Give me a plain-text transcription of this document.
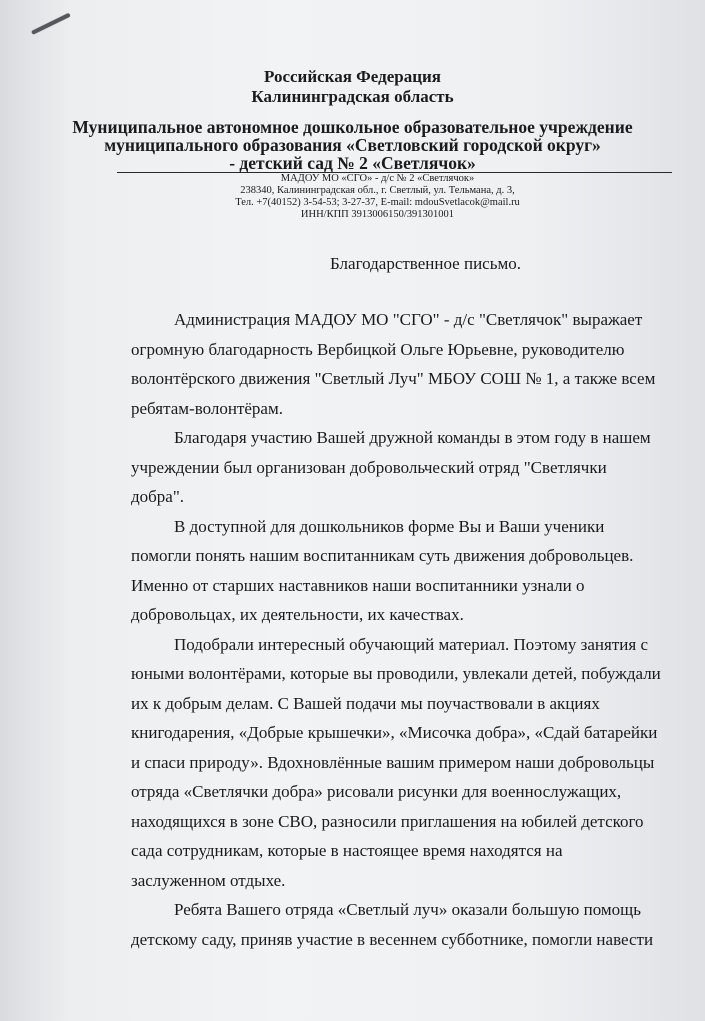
Российская Федерация
Калининградская область
Муниципальное автономное дошкольное образовательное учреждение
муниципального образования «Светловский городской округ»
- детский сад № 2 «Светлячок»
МАДОУ МО «СГО» - д/с № 2 «Светлячок»
238340, Калининградская обл., г. Светлый, ул. Тельмана, д. 3,
Тел. +7(40152) 3-54-53; 3-27-37, E-mail: mdouSvetlacok@mail.ru
ИНН/КПП 3913006150/391301001
Благодарственное письмо.

Администрация МАДОУ МО "СГО" - д/с "Светлячок" выражает
огромную благодарность Вербицкой Ольге Юрьевне, руководителю
волонтёрского движения "Светлый Луч" МБОУ СОШ № 1, а также всем
ребятам-волонтёрам.

Благодаря участию Вашей дружной команды в этом году в нашем
учреждении был организован добровольческий отряд "Светлячки
добра".

В доступной для дошкольников форме Вы и Ваши ученики
помогли понять нашим воспитанникам суть движения добровольцев.
Именно от старших наставников наши воспитанники узнали о
добровольцах, их деятельности, их качествах.

Подобрали интересный обучающий материал. Поэтому занятия с
юными волонтёрами, которые вы проводили, увлекали детей, побуждали
их к добрым делам. С Вашей подачи мы поучаствовали в акциях
книгодарения, «Добрые крышечки», «Мисочка добра», «Сдай батарейки
и спаси природу». Вдохновлённые вашим примером наши добровольцы
отряда «Светлячки добра» рисовали рисунки для военнослужащих,
находящихся в зоне СВО, разносили приглашения на юбилей детского
сада сотрудникам, которые в настоящее время находятся на
заслуженном отдыхе.

Ребята Вашего отряда «Светлый луч» оказали большую помощь
детскому саду, приняв участие в весеннем субботнике, помогли навести
